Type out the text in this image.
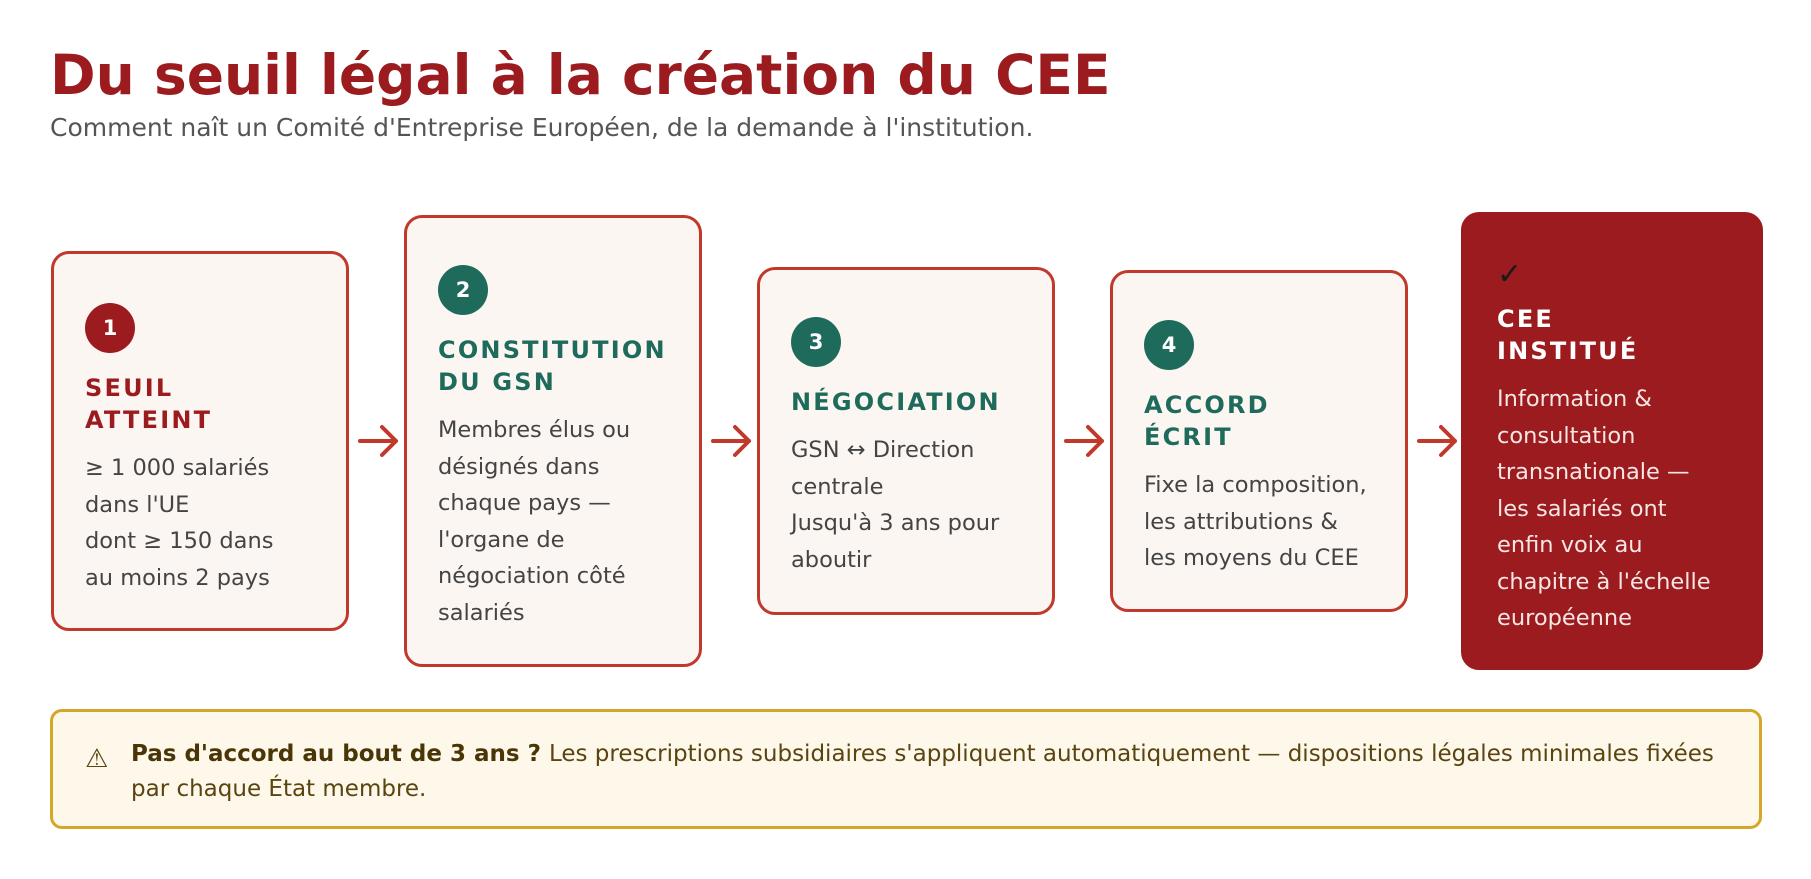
Du seuil légal à la création du CEE

Comment naît un Comité d'Entreprise Européen, de la demande à l'institution.

1
SEUIL
ATTEINT
≥ 1 000 salariés
dans l'UE
dont ≥ 150 dans
au moins 2 pays
2
CONSTITUTION
DU GSN
Membres élus ou
désignés dans
chaque pays —
l'organe de
négociation côté
salariés
3
NÉGOCIATION
GSN ↔ Direction
centrale
Jusqu'à 3 ans pour
aboutir
4
ACCORD
ÉCRIT
Fixe la composition,
les attributions &
les moyens du CEE
✓
CEE
INSTITUÉ
Information &
consultation
transnationale —
les salariés ont
enfin voix au
chapitre à l'échelle
européenne
⚠ Pas d'accord au bout de 3 ans ? Les prescriptions subsidiaires s'appliquent automatiquement — dispositions légales minimales fixées par chaque État membre.
